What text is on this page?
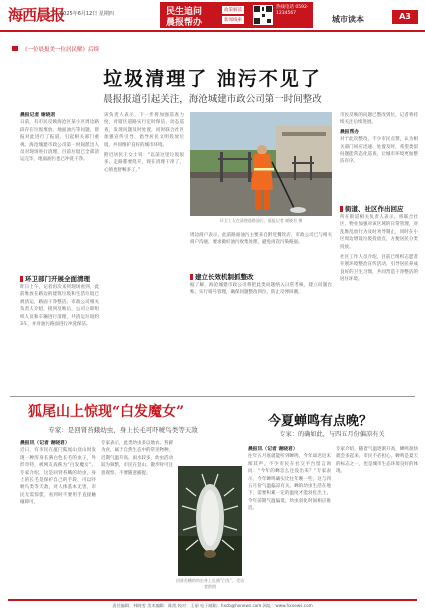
海西晨报
2025年6月12日 星期四	民生追问
晨报帮办
政策解读
新闻线索
热线电话 0592-1234567
城市读本	A3
《一位晨报美一位居民解》后续
垃圾清理了 油污不见了
晨报报道引起关注，海沧城建市政公司第一时间整改
晨报记者 谢晓君
日前，有市民反映海沧区某小区周边路段存在垃圾堆放、地面油污等问题，晨报对此进行了报道，引起相关部门重视。海沧城建市政公司第一时间派出人员对现场进行清理，目前垃圾已全部清运完毕，地面油污也已冲洗干净。
环卫部门开展全面清理
昨日上午，记者再次来到现场看到，此前堆放在路边的建筑垃圾和生活垃圾已被清运，路面干净整洁。市政公司相关负责人介绍，接到反映后，公司立即组织人员和车辆进行清理，共清运垃圾约3车，并对油污路面进行冲洗保洁。
该负责人表示，下一步将加强巡查力度，对辖区道路实行定时保洁、动态巡查，发现问题及时处置，同时联合社区加强宣传引导，倡导居民文明投放垃圾，共同维护良好的城市环境。
附近居民王女士说：“以前这里垃圾很多，走路都要绕开，现在清理干净了，心情也舒畅多了。”
环卫工人在清理道路油污，晨报记者 谢晓君 摄
周边商户表示，此前路面油污主要来自附近餐饮店，市政公司已与相关商户沟通，要求做好油污收集处理，避免再次污染路面。
建立长效机制抓整改
据了解，海沧城建市政公司将把此类问题纳入日常考核，建立问题台账，实行销号管理，确保问题整改到位，防止反弹回潮。
市民反映的问题已整改到位，记者将持续关注后续进展。
晨报帮办
对于此次整改，不少市民点赞，认为相关部门回应迅速、处置及时，希望类似问题能常态化巡查，让城市环境更加整洁有序。
街道、社区作出回应
所在街道相关负责人表示，将联合社区、物业加强对该区域的日常管理，对乱堆乱放行为及时劝导制止，同时在小区周边增设垃圾投放点，方便居民分类投放。
社区工作人员介绍，目前已组织志愿者开展环境整治宣传活动，引导居民养成良好的卫生习惯，共同营造干净整洁的居住环境。
狐尾山上惊现“白发魔女”
专家：是回肾苔蛾幼虫，身上长毛可吓唬鸟类等天敌
晨报讯（记者 谢晓君）
近日，有市民在厦门狐尾山登山时发现一种浑身长满白色长毛的虫子，外形奇特，被网友戏称为“白发魔女”。专家介绍，这是回肾苔蛾的幼虫，身上的长毛是保护自己的手段，可以吓唬鸟类等天敌，对人体基本无害，市民无需惊慌，看到时不要用手直接触碰即可。
专家表示，此类幼虫多以地衣、苔藓为食，属于自然生态中的常见物种，近期气温升高、雨水较多，幼虫活动较为频繁，市民在登山、散步时可注意观察，不要随意捕捉。
回肾苔蛾的幼虫身上长满“白发”，受访者供图
今夏蝉鸣有点晚？
专家：的确如此，与四五月份偏凉有关
晨报讯（记者 谢晓君）
往年五月底就能听到蝉鸣，今年却迟迟未闻其声。不少市民在社交平台留言询问：“今年的蝉怎么还没出来？”专家表示，今年蝉鸣确实比往年晚一些，这与四五月份气温偏凉有关。蝉的幼虫生活在地下，需要积累一定的温度才能羽化出土，今年前期气温偏低，幼虫羽化时间相应推迟。
专家介绍，随着气温逐渐升高，蝉鸣很快就会多起来，市民不必担心。蝉鸣是夏天的标志之一，也是城市生态环境良好的体现。
责任编辑：林晓雯 美术编辑：陈凯 校对：王丽 电子邮箱：hxcb@hxnews.com 网址：www.hxnews.com
